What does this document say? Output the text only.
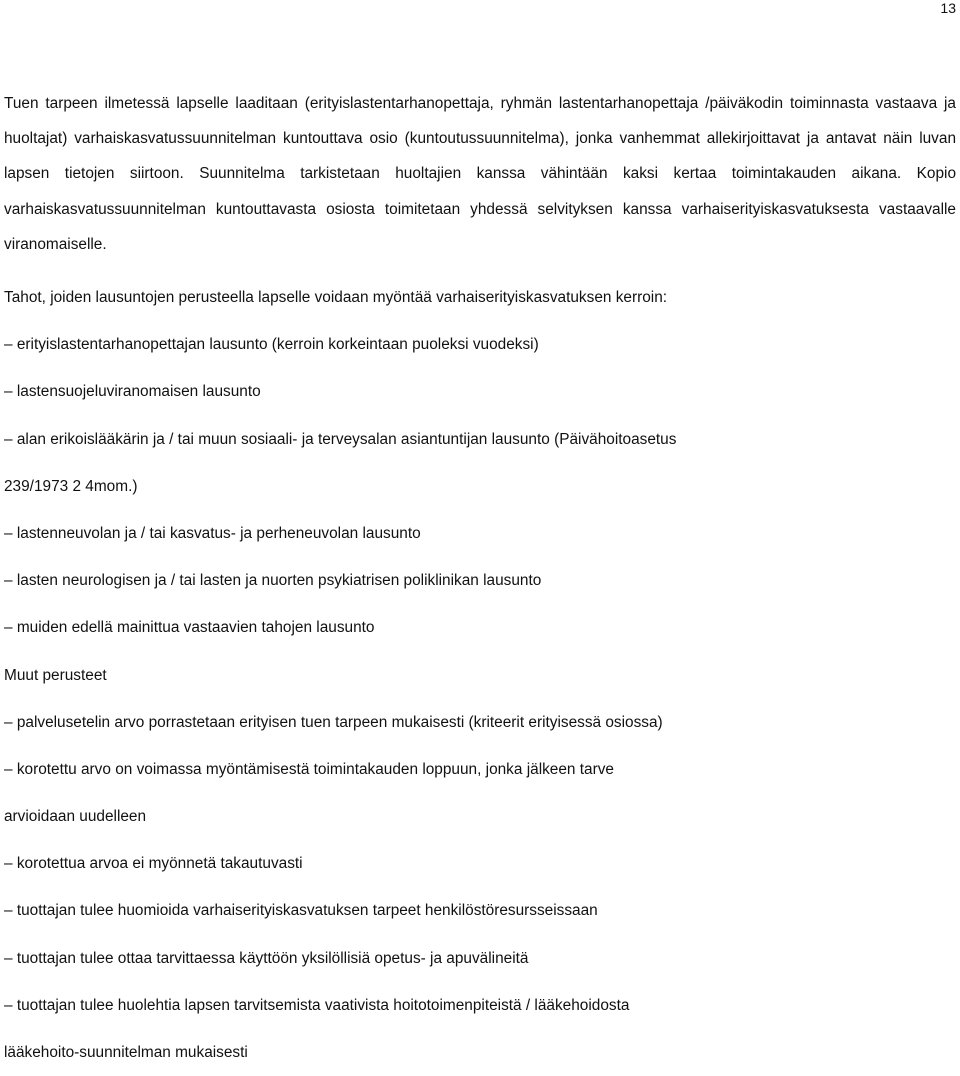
13

Tuen tarpeen ilmetessä lapselle laaditaan (erityislastentarhanopettaja, ryhmän lastentarhanopettaja /päiväkodin toiminnasta vastaava ja huoltajat) varhaiskasvatussuunnitelman kuntouttava osio (kuntoutussuunnitelma), jonka vanhemmat allekirjoittavat ja antavat näin luvan lapsen tietojen siirtoon. Suunnitelma tarkistetaan huoltajien kanssa vähintään kaksi kertaa toimintakauden aikana. Kopio varhaiskasvatussuunnitelman kuntouttavasta osiosta toimitetaan yhdessä selvityksen kanssa varhaiserityiskasvatuksesta vastaavalle viranomaiselle.

Tahot, joiden lausuntojen perusteella lapselle voidaan myöntää varhaiserityiskasvatuksen kerroin:

– erityislastentarhanopettajan lausunto (kerroin korkeintaan puoleksi vuodeksi)

– lastensuojeluviranomaisen lausunto

– alan erikoislääkärin ja / tai muun sosiaali- ja terveysalan asiantuntijan lausunto (Päivähoitoasetus

239/1973 2 4mom.)

– lastenneuvolan ja / tai kasvatus- ja perheneuvolan lausunto

– lasten neurologisen ja / tai lasten ja nuorten psykiatrisen poliklinikan lausunto

– muiden edellä mainittua vastaavien tahojen lausunto

Muut perusteet

– palvelusetelin arvo porrastetaan erityisen tuen tarpeen mukaisesti (kriteerit erityisessä osiossa)

– korotettu arvo on voimassa myöntämisestä toimintakauden loppuun, jonka jälkeen tarve

arvioidaan uudelleen

– korotettua arvoa ei myönnetä takautuvasti

– tuottajan tulee huomioida varhaiserityiskasvatuksen tarpeet henkilöstöresursseissaan

– tuottajan tulee ottaa tarvittaessa käyttöön yksilöllisiä opetus- ja apuvälineitä

– tuottajan tulee huolehtia lapsen tarvitsemista vaativista hoitotoimenpiteistä / lääkehoidosta

lääkehoito-suunnitelman mukaisesti
